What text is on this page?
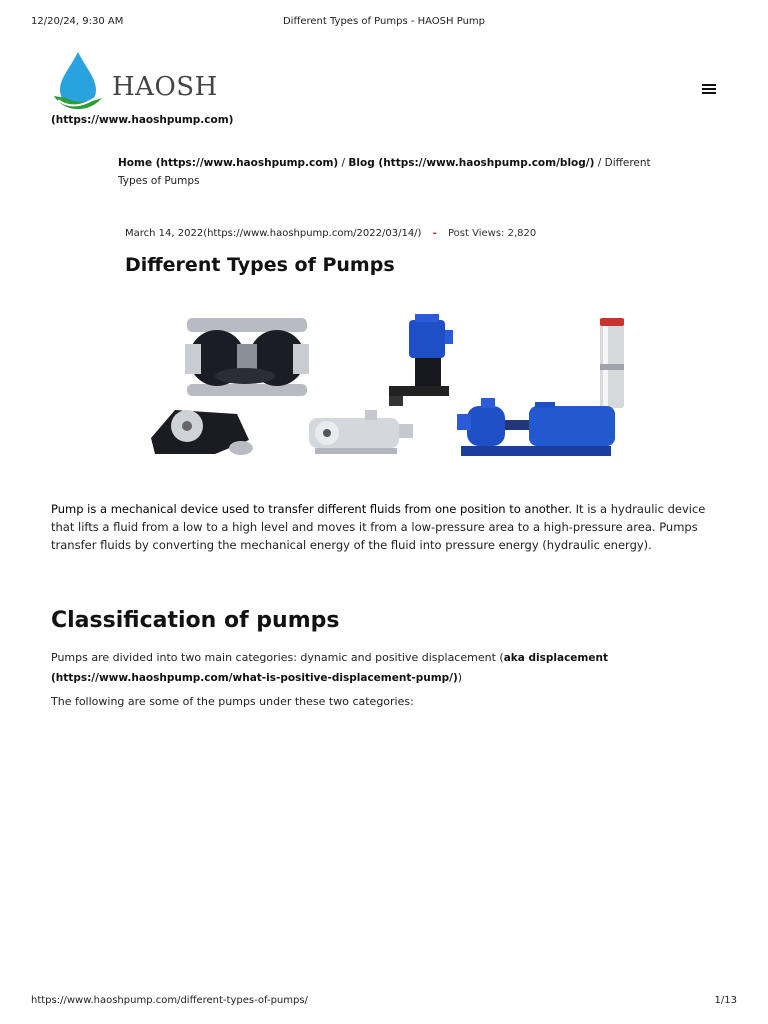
12/20/24, 9:30 AM	Different Types of Pumps - HAOSH Pump
HAOSH
(https://www.haoshpump.com)
Home (https://www.haoshpump.com) / Blog (https://www.haoshpump.com/blog/) / Different Types of Pumps
March 14, 2022(https://www.haoshpump.com/2022/03/14/) - Post Views: 2,820
Different Types of Pumps

Pump is a mechanical device used to transfer different fluids from one position to another. It is a hydraulic device that lifts a fluid from a low to a high level and moves it from a low-pressure area to a high-pressure area. Pumps transfer fluids by converting the mechanical energy of the fluid into pressure energy (hydraulic energy).

Classification of pumps

Pumps are divided into two main categories: dynamic and positive displacement (aka displacement (https://www.haoshpump.com/what-is-positive-displacement-pump/))

The following are some of the pumps under these two categories:

https://www.haoshpump.com/different-types-of-pumps/	1/13
